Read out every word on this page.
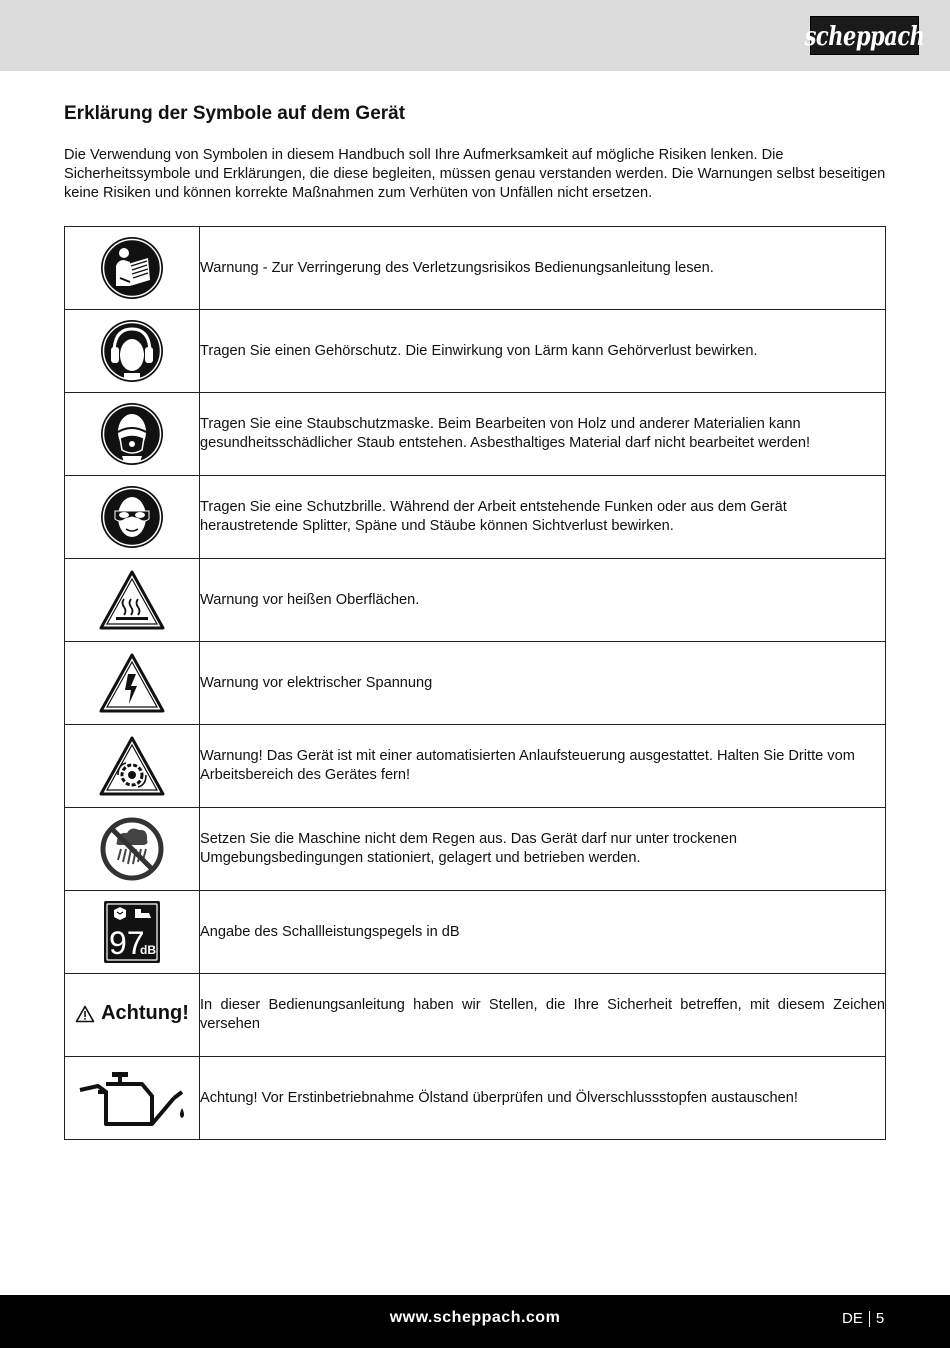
scheppach
Erklärung der Symbole auf dem Gerät

Die Verwendung von Symbolen in diesem Handbuch soll Ihre Aufmerksamkeit auf mögliche Risiken lenken. Die Sicherheitssymbole und Erklärungen, die diese begleiten, müssen genau verstanden werden. Die Warnungen selbst beseitigen keine Risiken und können korrekte Maßnahmen zum Verhüten von Unfällen nicht ersetzen.

	Warnung - Zur Verringerung des Verletzungsrisikos Bedienungsanleitung lesen.

	Tragen Sie einen Gehörschutz. Die Einwirkung von Lärm kann Gehörverlust bewirken.

	Tragen Sie eine Staubschutzmaske. Beim Bearbeiten von Holz und anderer Materialien kann gesundheitsschädlicher Staub entstehen. Asbesthaltiges Material darf nicht bearbeitet werden!

	Tragen Sie eine Schutzbrille. Während der Arbeit entstehende Funken oder aus dem Gerät heraustretende Splitter, Späne und Stäube können Sichtverlust bewirken.

	Warnung vor heißen Oberflächen.

	Warnung vor elektrischer Spannung

	Warnung! Das Gerät ist mit einer automatisierten Anlaufsteuerung ausgestattet. Halten Sie Dritte vom Arbeitsbereich des Gerätes fern!

	Setzen Sie die Maschine nicht dem Regen aus. Das Gerät darf nur unter trockenen Umgebungsbedingungen stationiert, gelagert und betrieben werden.

97
dB	Angabe des Schallleistungspegels in dB

Achtung!	In dieser Bedienungsanleitung haben wir Stellen, die Ihre Sicherheit betreffen, mit diesem Zeichen versehen

	Achtung! Vor Erstinbetriebnahme Ölstand überprüfen und Ölverschlussstopfen austauschen!
www.scheppach.com	DE 5
